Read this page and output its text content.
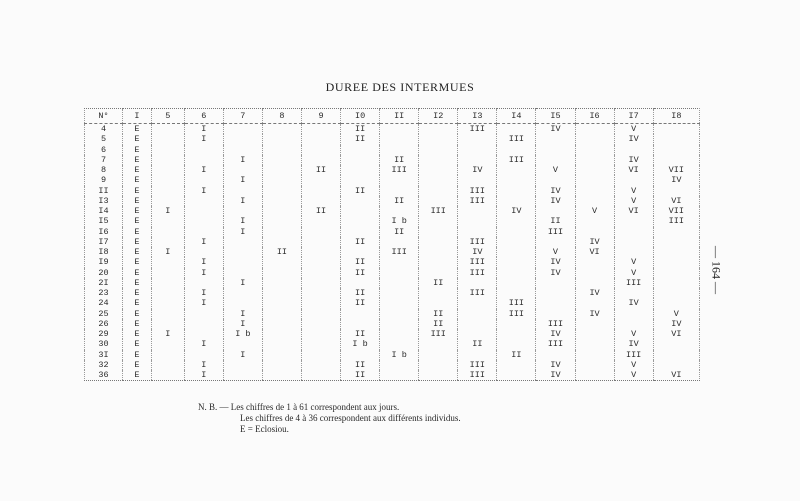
DUREE DES INTERMUES
N°	I	5	6	7	8	9	I0	II	I2	I3	I4	I5	I6	I7	I8
4	E		I				II			III		IV		V	
5	E		I				II				III			IV	
6	E														
7	E			I				II			III			IV	
8	E		I			II		III		IV		V		VI	VII
9	E			I											IV
II	E		I				II			III		IV		V	
I3	E			I				II		III		IV		V	VI
I4	E	I				II			III		IV		V	VI	VII
I5	E			I				I b				II			III
I6	E			I				II				III			
I7	E		I				II			III			IV		
I8	E	I			II			III		IV		V	VI		
I9	E		I				II			III		IV		V	
20	E		I				II			III		IV		V	
2I	E			I					II					III	
23	E		I				II			III			IV		
24	E		I				II				III			IV	
25	E			I					II		III		IV		V
26	E			I					II			III			IV
29	E	I		I b			II		III			IV		V	VI
30	E		I				I b			II		III		IV	
3I	E			I				I b			II			III	
32	E		I				II			III		IV		V	
36	E		I				II			III		IV		V	VI
N. B. — Les chiffres de 1 à 61 correspondent aux jours.
Les chiffres de 4 à 36 correspondent aux différents individus.
E = Eclosiou.
— 164 —
